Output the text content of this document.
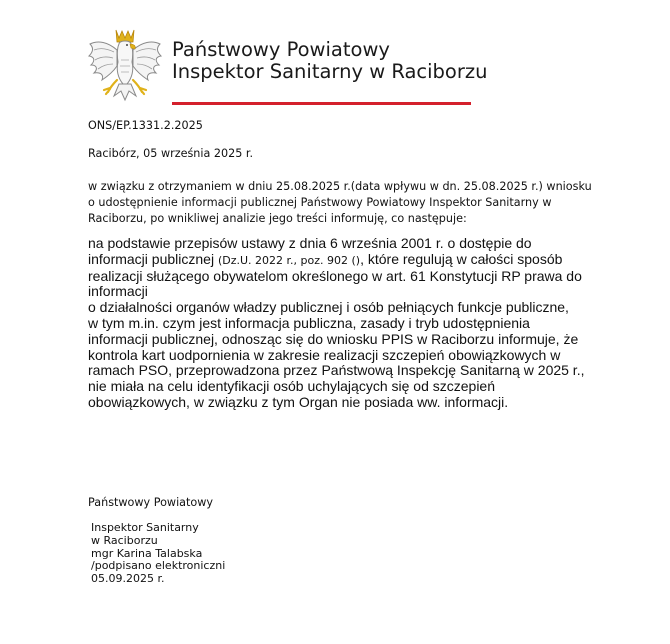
Państwowy Powiatowy
Inspektor Sanitarny w Raciborzu
ONS/EP.1331.2.2025
Racibórz, 05 września 2025 r.
w związku z otrzymaniem w dniu 25.08.2025 r.(data wpływu w dn. 25.08.2025 r.) wniosku
o udostępnienie informacji publicznej Państwowy Powiatowy Inspektor Sanitarny w
Raciborzu, po wnikliwej analizie jego treści informuję, co następuje:
na podstawie przepisów ustawy z dnia 6 września 2001 r. o dostępie do
informacji publicznej (Dz.U. 2022 r., poz. 902 (), które regulują w całości sposób
realizacji służącego obywatelom określonego w art. 61 Konstytucji RP prawa do
informacji
o działalności organów władzy publicznej i osób pełniących funkcje publiczne,
w tym m.in. czym jest informacja publiczna, zasady i tryb udostępnienia
informacji publicznej, odnosząc się do wniosku PPIS w Raciborzu informuje, że
kontrola kart uodpornienia w zakresie realizacji szczepień obowiązkowych w
ramach PSO, przeprowadzona przez Państwową Inspekcję Sanitarną w 2025 r.,
nie miała na celu identyfikacji osób uchylających się od szczepień
obowiązkowych, w związku z tym Organ nie posiada ww. informacji.
Państwowy Powiatowy
Inspektor Sanitarny
w Raciborzu
mgr Karina Talabska
/podpisano elektroniczni
05.09.2025 r.
